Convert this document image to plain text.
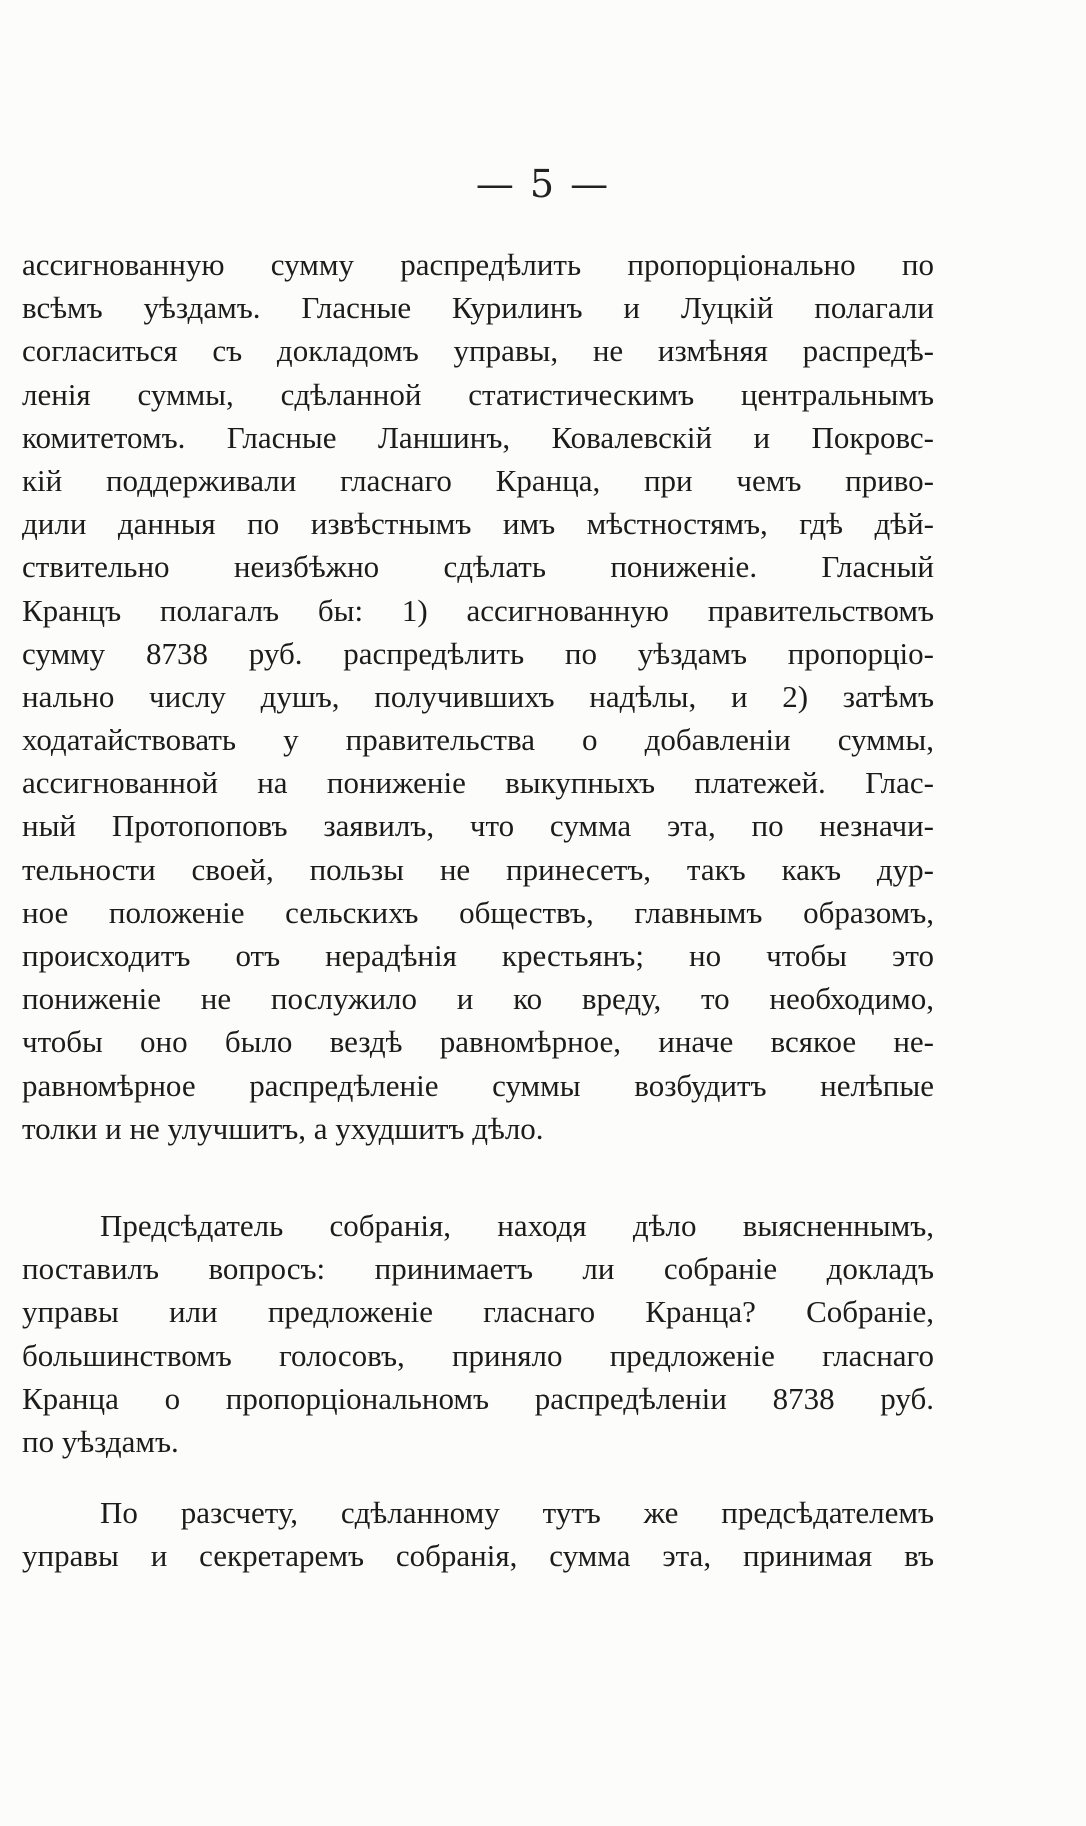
— 5 —
ассигнованную сумму распредѣлить пропорціонально по
всѣмъ уѣздамъ. Гласные Курилинъ и Луцкій полагали
согласиться съ докладомъ управы, не измѣняя распредѣ-
ленія суммы, сдѣланной статистическимъ центральнымъ
комитетомъ. Гласные Ланшинъ, Ковалевскій и Покровс-
кій поддерживали гласнаго Кранца, при чемъ приво-
дили данныя по извѣстнымъ имъ мѣстностямъ, гдѣ дѣй-
ствительно неизбѣжно сдѣлать пониженіе. Гласный
Кранцъ полагалъ бы: 1) ассигнованную правительствомъ
сумму 8738 руб. распредѣлить по уѣздамъ пропорціо-
нально числу душъ, получившихъ надѣлы, и 2) затѣмъ
ходатайствовать у правительства о добавленіи суммы,
ассигнованной на пониженіе выкупныхъ платежей. Глас-
ный Протопоповъ заявилъ, что сумма эта, по незначи-
тельности своей, пользы не принесетъ, такъ какъ дур-
ное положеніе сельскихъ обществъ, главнымъ образомъ,
происходитъ отъ нерадѣнія крестьянъ; но чтобы это
пониженіе не послужило и ко вреду, то необходимо,
чтобы оно было вездѣ равномѣрное, иначе всякое не-
равномѣрное распредѣленіе суммы возбудитъ нелѣпые
толки и не улучшитъ, а ухудшитъ дѣло.
Предсѣдатель собранія, находя дѣло выясненнымъ,
поставилъ вопросъ: принимаетъ ли собраніе докладъ
управы или предложеніе гласнаго Кранца? Собраніе,
большинствомъ голосовъ, приняло предложеніе гласнаго
Кранца о пропорціональномъ распредѣленіи 8738 руб.
по уѣздамъ.
По разсчету, сдѣланному тутъ же предсѣдателемъ
управы и секретаремъ собранія, сумма эта, принимая въ
